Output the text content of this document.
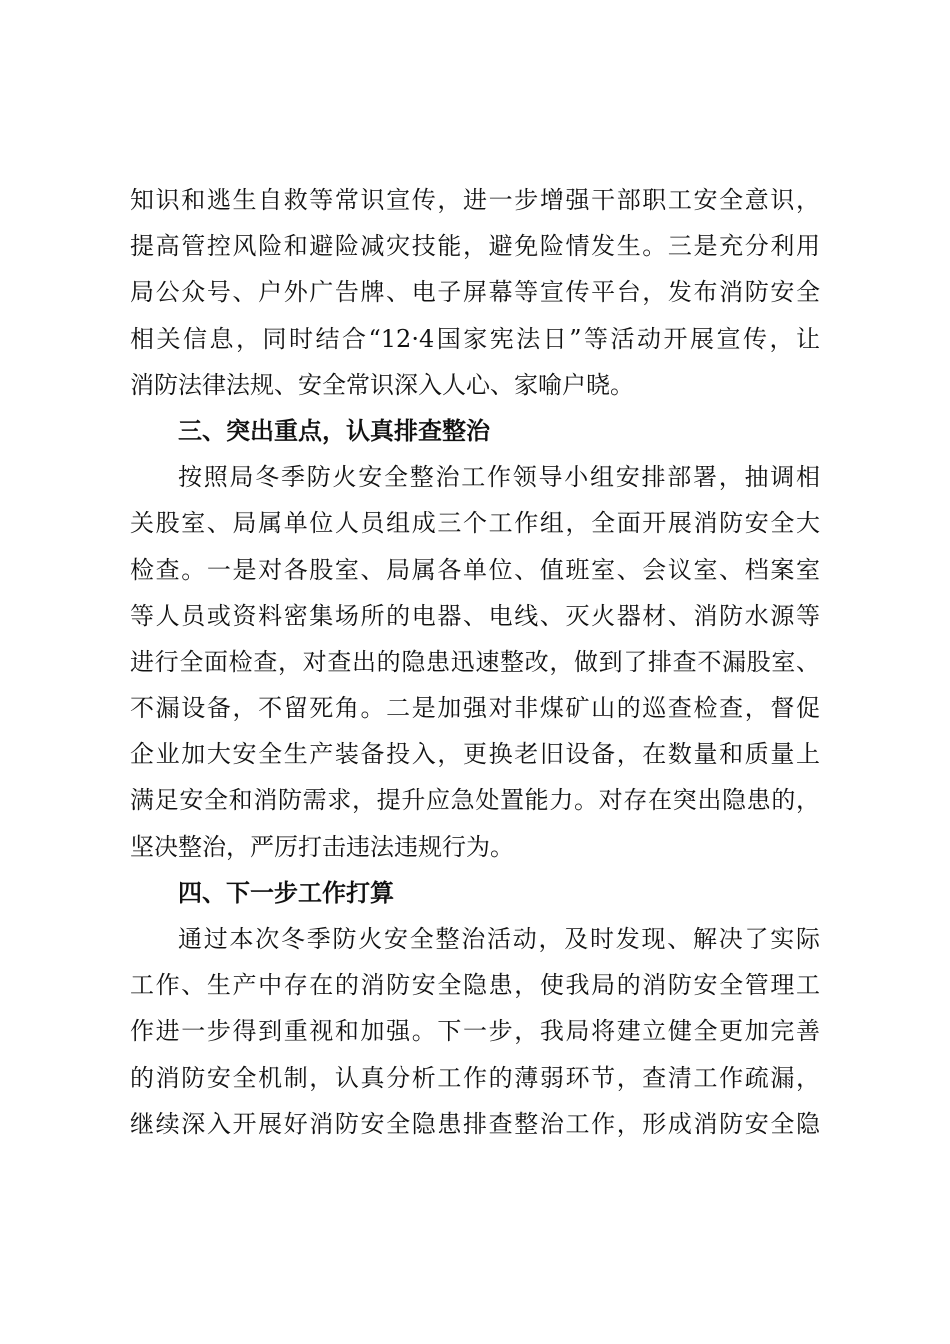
知识和逃生自救等常识宣传，进一步增强干部职工安全意识，
提高管控风险和避险减灾技能，避免险情发生。三是充分利用
局公众号、户外广告牌、电子屏幕等宣传平台，发布消防安全
相关信息，同时结合“12·4国家宪法日”等活动开展宣传，让
消防法律法规、安全常识深入人心、家喻户晓。
三、突出重点，认真排查整治
按照局冬季防火安全整治工作领导小组安排部署，抽调相
关股室、局属单位人员组成三个工作组，全面开展消防安全大
检查。一是对各股室、局属各单位、值班室、会议室、档案室
等人员或资料密集场所的电器、电线、灭火器材、消防水源等
进行全面检查，对查出的隐患迅速整改，做到了排查不漏股室、
不漏设备，不留死角。二是加强对非煤矿山的巡查检查，督促
企业加大安全生产装备投入，更换老旧设备，在数量和质量上
满足安全和消防需求，提升应急处置能力。对存在突出隐患的，
坚决整治，严厉打击违法违规行为。
四、下一步工作打算
通过本次冬季防火安全整治活动，及时发现、解决了实际
工作、生产中存在的消防安全隐患，使我局的消防安全管理工
作进一步得到重视和加强。下一步，我局将建立健全更加完善
的消防安全机制，认真分析工作的薄弱环节，查清工作疏漏，
继续深入开展好消防安全隐患排查整治工作，形成消防安全隐
